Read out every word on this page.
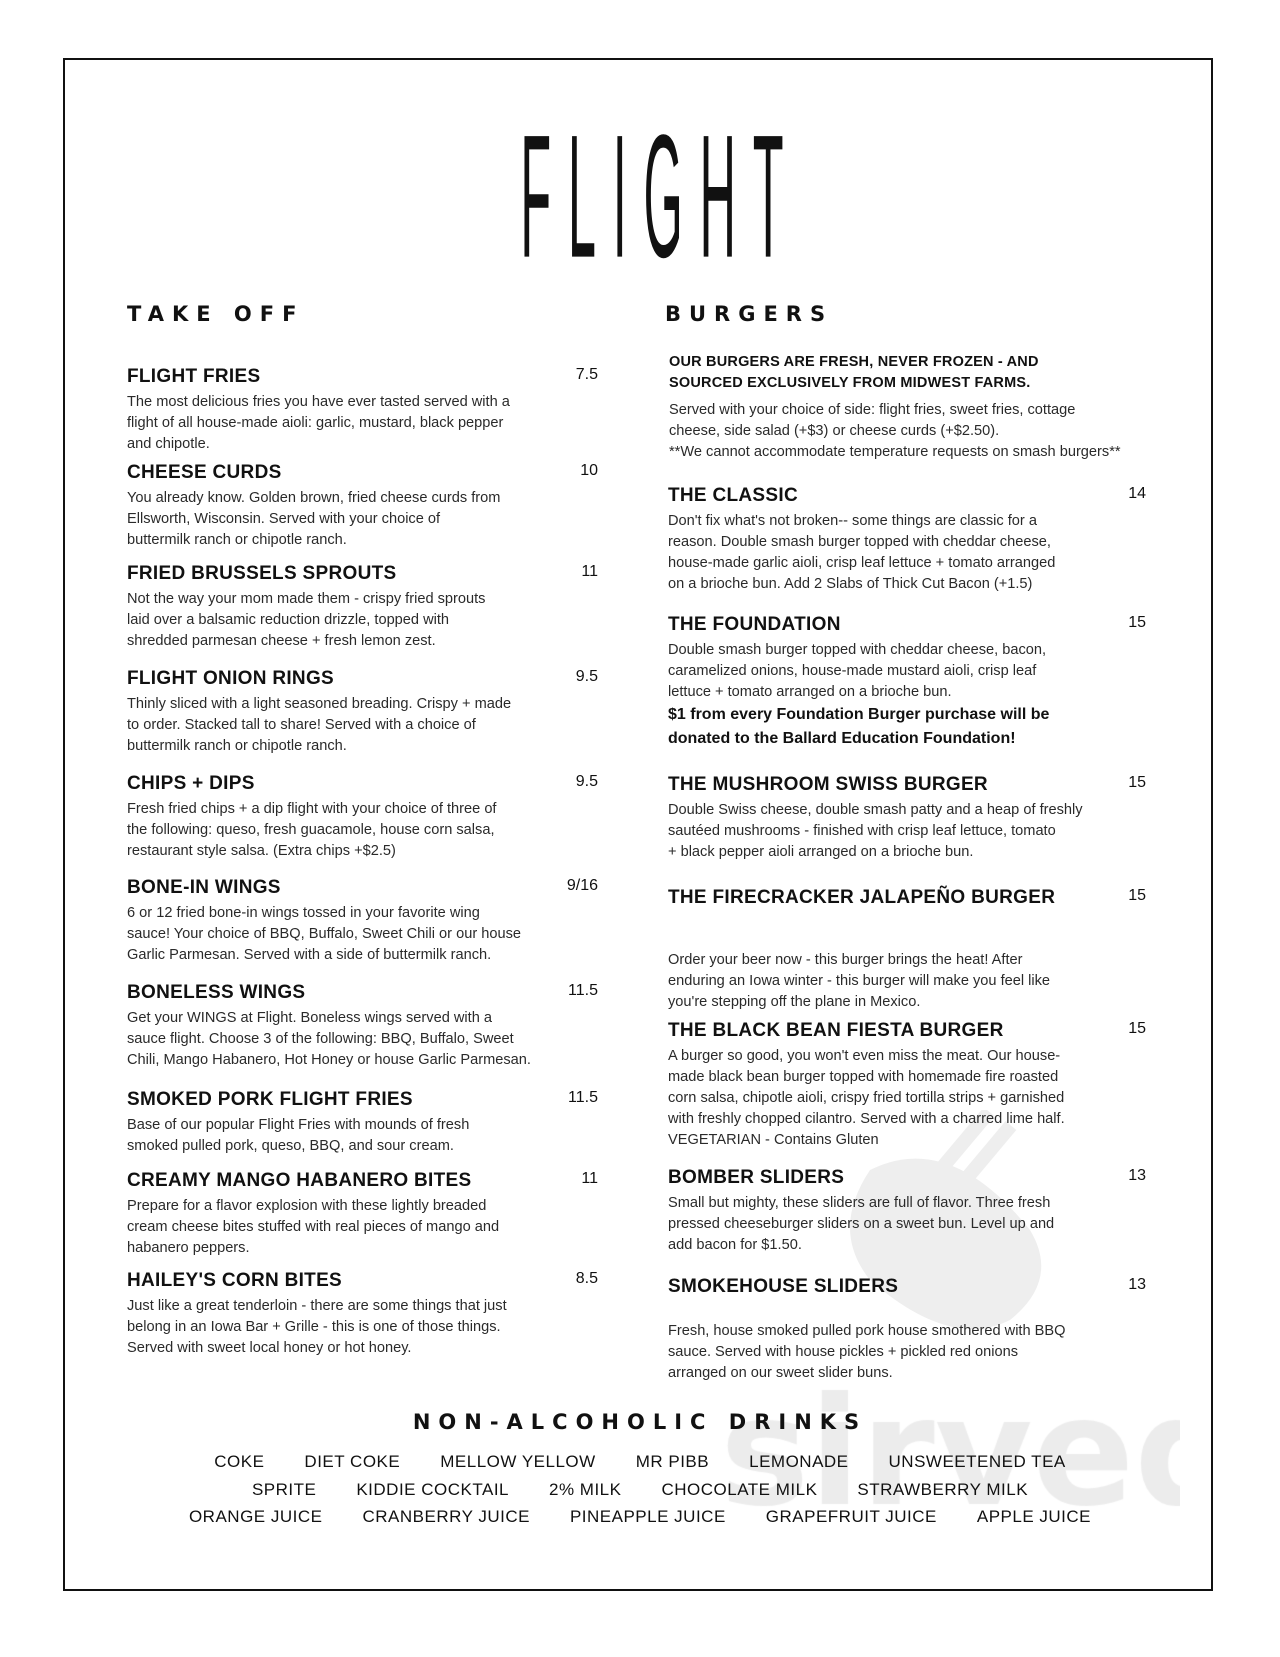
FLIGHT
TAKE OFF	BURGERS
OUR BURGERS ARE FRESH, NEVER FROZEN - AND
SOURCED EXCLUSIVELY FROM MIDWEST FARMS.
Served with your choice of side: flight fries, sweet fries, cottage
cheese, side salad (+$3) or cheese curds (+$2.50).
**We cannot accommodate temperature requests on smash burgers**
FLIGHT FRIES	7.5
The most delicious fries you have ever tasted served with a
flight of all house-made aioli: garlic, mustard, black pepper
and chipotle.
CHEESE CURDS	10
You already know. Golden brown, fried cheese curds from
Ellsworth, Wisconsin. Served with your choice of
buttermilk ranch or chipotle ranch.
FRIED BRUSSELS SPROUTS	11
Not the way your mom made them - crispy fried sprouts
laid over a balsamic reduction drizzle, topped with
shredded parmesan cheese + fresh lemon zest.
FLIGHT ONION RINGS	9.5
Thinly sliced with a light seasoned breading. Crispy + made
to order. Stacked tall to share! Served with a choice of
buttermilk ranch or chipotle ranch.
CHIPS + DIPS	9.5
Fresh fried chips + a dip flight with your choice of three of
the following: queso, fresh guacamole, house corn salsa,
restaurant style salsa. (Extra chips +$2.5)
BONE-IN WINGS	9/16
6 or 12 fried bone-in wings tossed in your favorite wing
sauce! Your choice of BBQ, Buffalo, Sweet Chili or our house
Garlic Parmesan. Served with a side of buttermilk ranch.
BONELESS WINGS	11.5
Get your WINGS at Flight. Boneless wings served with a
sauce flight. Choose 3 of the following: BBQ, Buffalo, Sweet
Chili, Mango Habanero, Hot Honey or house Garlic Parmesan.
SMOKED PORK FLIGHT FRIES	11.5
Base of our popular Flight Fries with mounds of fresh
smoked pulled pork, queso, BBQ, and sour cream.
CREAMY MANGO HABANERO BITES	11
Prepare for a flavor explosion with these lightly breaded
cream cheese bites stuffed with real pieces of mango and
habanero peppers.
HAILEY'S CORN BITES	8.5
Just like a great tenderloin - there are some things that just
belong in an Iowa Bar + Grille - this is one of those things.
Served with sweet local honey or hot honey.
THE CLASSIC	14
Don't fix what's not broken-- some things are classic for a
reason. Double smash burger topped with cheddar cheese,
house-made garlic aioli, crisp leaf lettuce + tomato arranged
on a brioche bun. Add 2 Slabs of Thick Cut Bacon (+1.5)
THE FOUNDATION	15
Double smash burger topped with cheddar cheese, bacon,
caramelized onions, house-made mustard aioli, crisp leaf
lettuce + tomato arranged on a brioche bun.
$1 from every Foundation Burger purchase will be
donated to the Ballard Education Foundation!
THE MUSHROOM SWISS BURGER	15
Double Swiss cheese, double smash patty and a heap of freshly
sautéed mushrooms - finished with crisp leaf lettuce, tomato
+ black pepper aioli arranged on a brioche bun.
THE FIRECRACKER JALAPEÑO BURGER	15
Order your beer now - this burger brings the heat! After
enduring an Iowa winter - this burger will make you feel like
you're stepping off the plane in Mexico.
THE BLACK BEAN FIESTA BURGER	15
A burger so good, you won't even miss the meat. Our house-
made black bean burger topped with homemade fire roasted
corn salsa, chipotle aioli, crispy fried tortilla strips + garnished
with freshly chopped cilantro. Served with a charred lime half.
VEGETARIAN - Contains Gluten
BOMBER SLIDERS	13
Small but mighty, these sliders are full of flavor. Three fresh
pressed cheeseburger sliders on a sweet bun. Level up and
add bacon for $1.50.
SMOKEHOUSE SLIDERS	13
Fresh, house smoked pulled pork house smothered with BBQ
sauce. Served with house pickles + pickled red onions
arranged on our sweet slider buns.
NON-ALCOHOLIC DRINKS
COKE DIET COKE MELLOW YELLOW MR PIBB LEMONADE UNSWEETENED TEA
SPRITE KIDDIE COCKTAIL 2% MILK CHOCOLATE MILK STRAWBERRY MILK
ORANGE JUICE CRANBERRY JUICE PINEAPPLE JUICE GRAPEFRUIT JUICE APPLE JUICE
